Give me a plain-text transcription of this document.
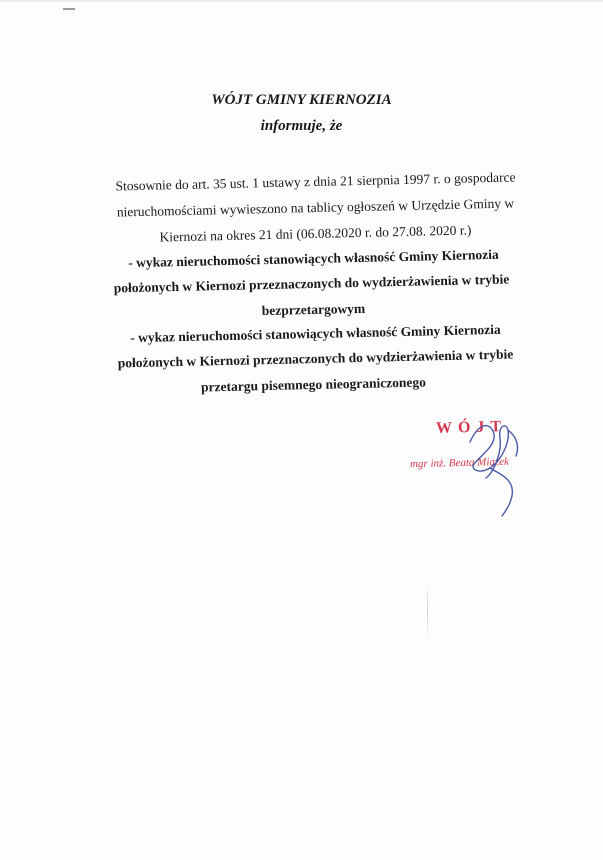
WÓJT GMINY KIERNOZIA
informuje, że
Stosownie do art. 35 ust. 1 ustawy z dnia 21 sierpnia 1997 r. o gospodarce
nieruchomościami wywieszono na tablicy ogłoszeń w Urzędzie Gminy w
Kiernozi na okres 21 dni (06.08.2020 r. do 27.08. 2020 r.)
- wykaz nieruchomości stanowiących własność Gminy Kiernozia
położonych w Kiernozi przeznaczonych do wydzierżawienia w trybie
bezprzetargowym
- wykaz nieruchomości stanowiących własność Gminy Kiernozia
położonych w Kiernozi przeznaczonych do wydzierżawienia w trybie
przetargu pisemnego nieograniczonego
WÓJT
mgr inż. Beata Miazek
